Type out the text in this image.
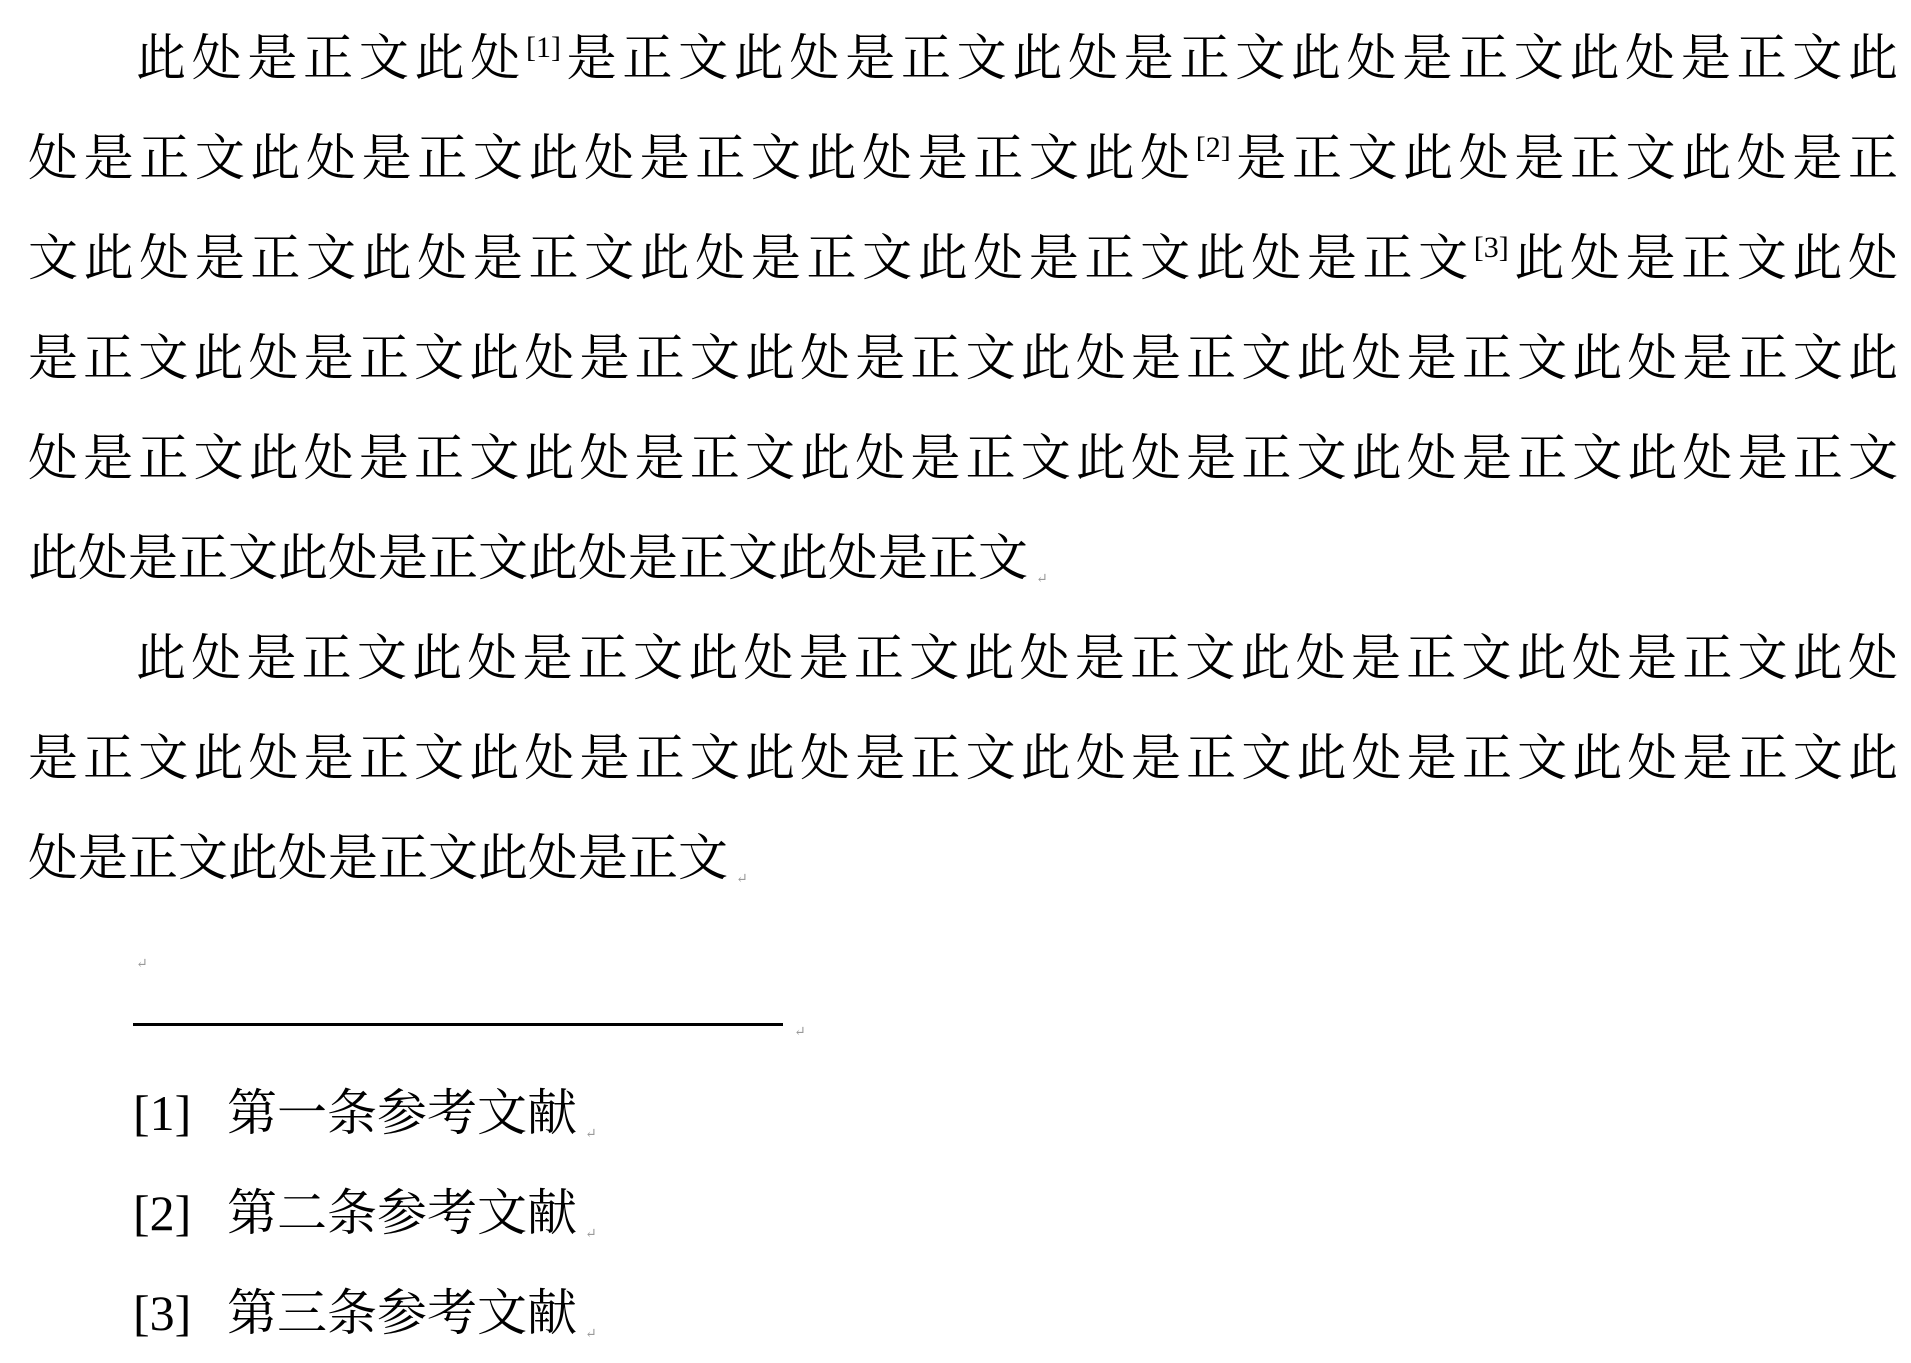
此处是正文此处[1]是正文此处是正文此处是正文此处是正文此处是正文此
处是正文此处是正文此处是正文此处是正文此处[2]是正文此处是正文此处是正
文此处是正文此处是正文此处是正文此处是正文此处是正文[3]此处是正文此处
是正文此处是正文此处是正文此处是正文此处是正文此处是正文此处是正文此
处是正文此处是正文此处是正文此处是正文此处是正文此处是正文此处是正文
此处是正文此处是正文此处是正文此处是正文 ↵
此处是正文此处是正文此处是正文此处是正文此处是正文此处是正文此处
是正文此处是正文此处是正文此处是正文此处是正文此处是正文此处是正文此
处是正文此处是正文此处是正文 ↵
↵
↵
[1] 第一条参考文献 ↵
[2] 第二条参考文献 ↵
[3] 第三条参考文献 ↵
